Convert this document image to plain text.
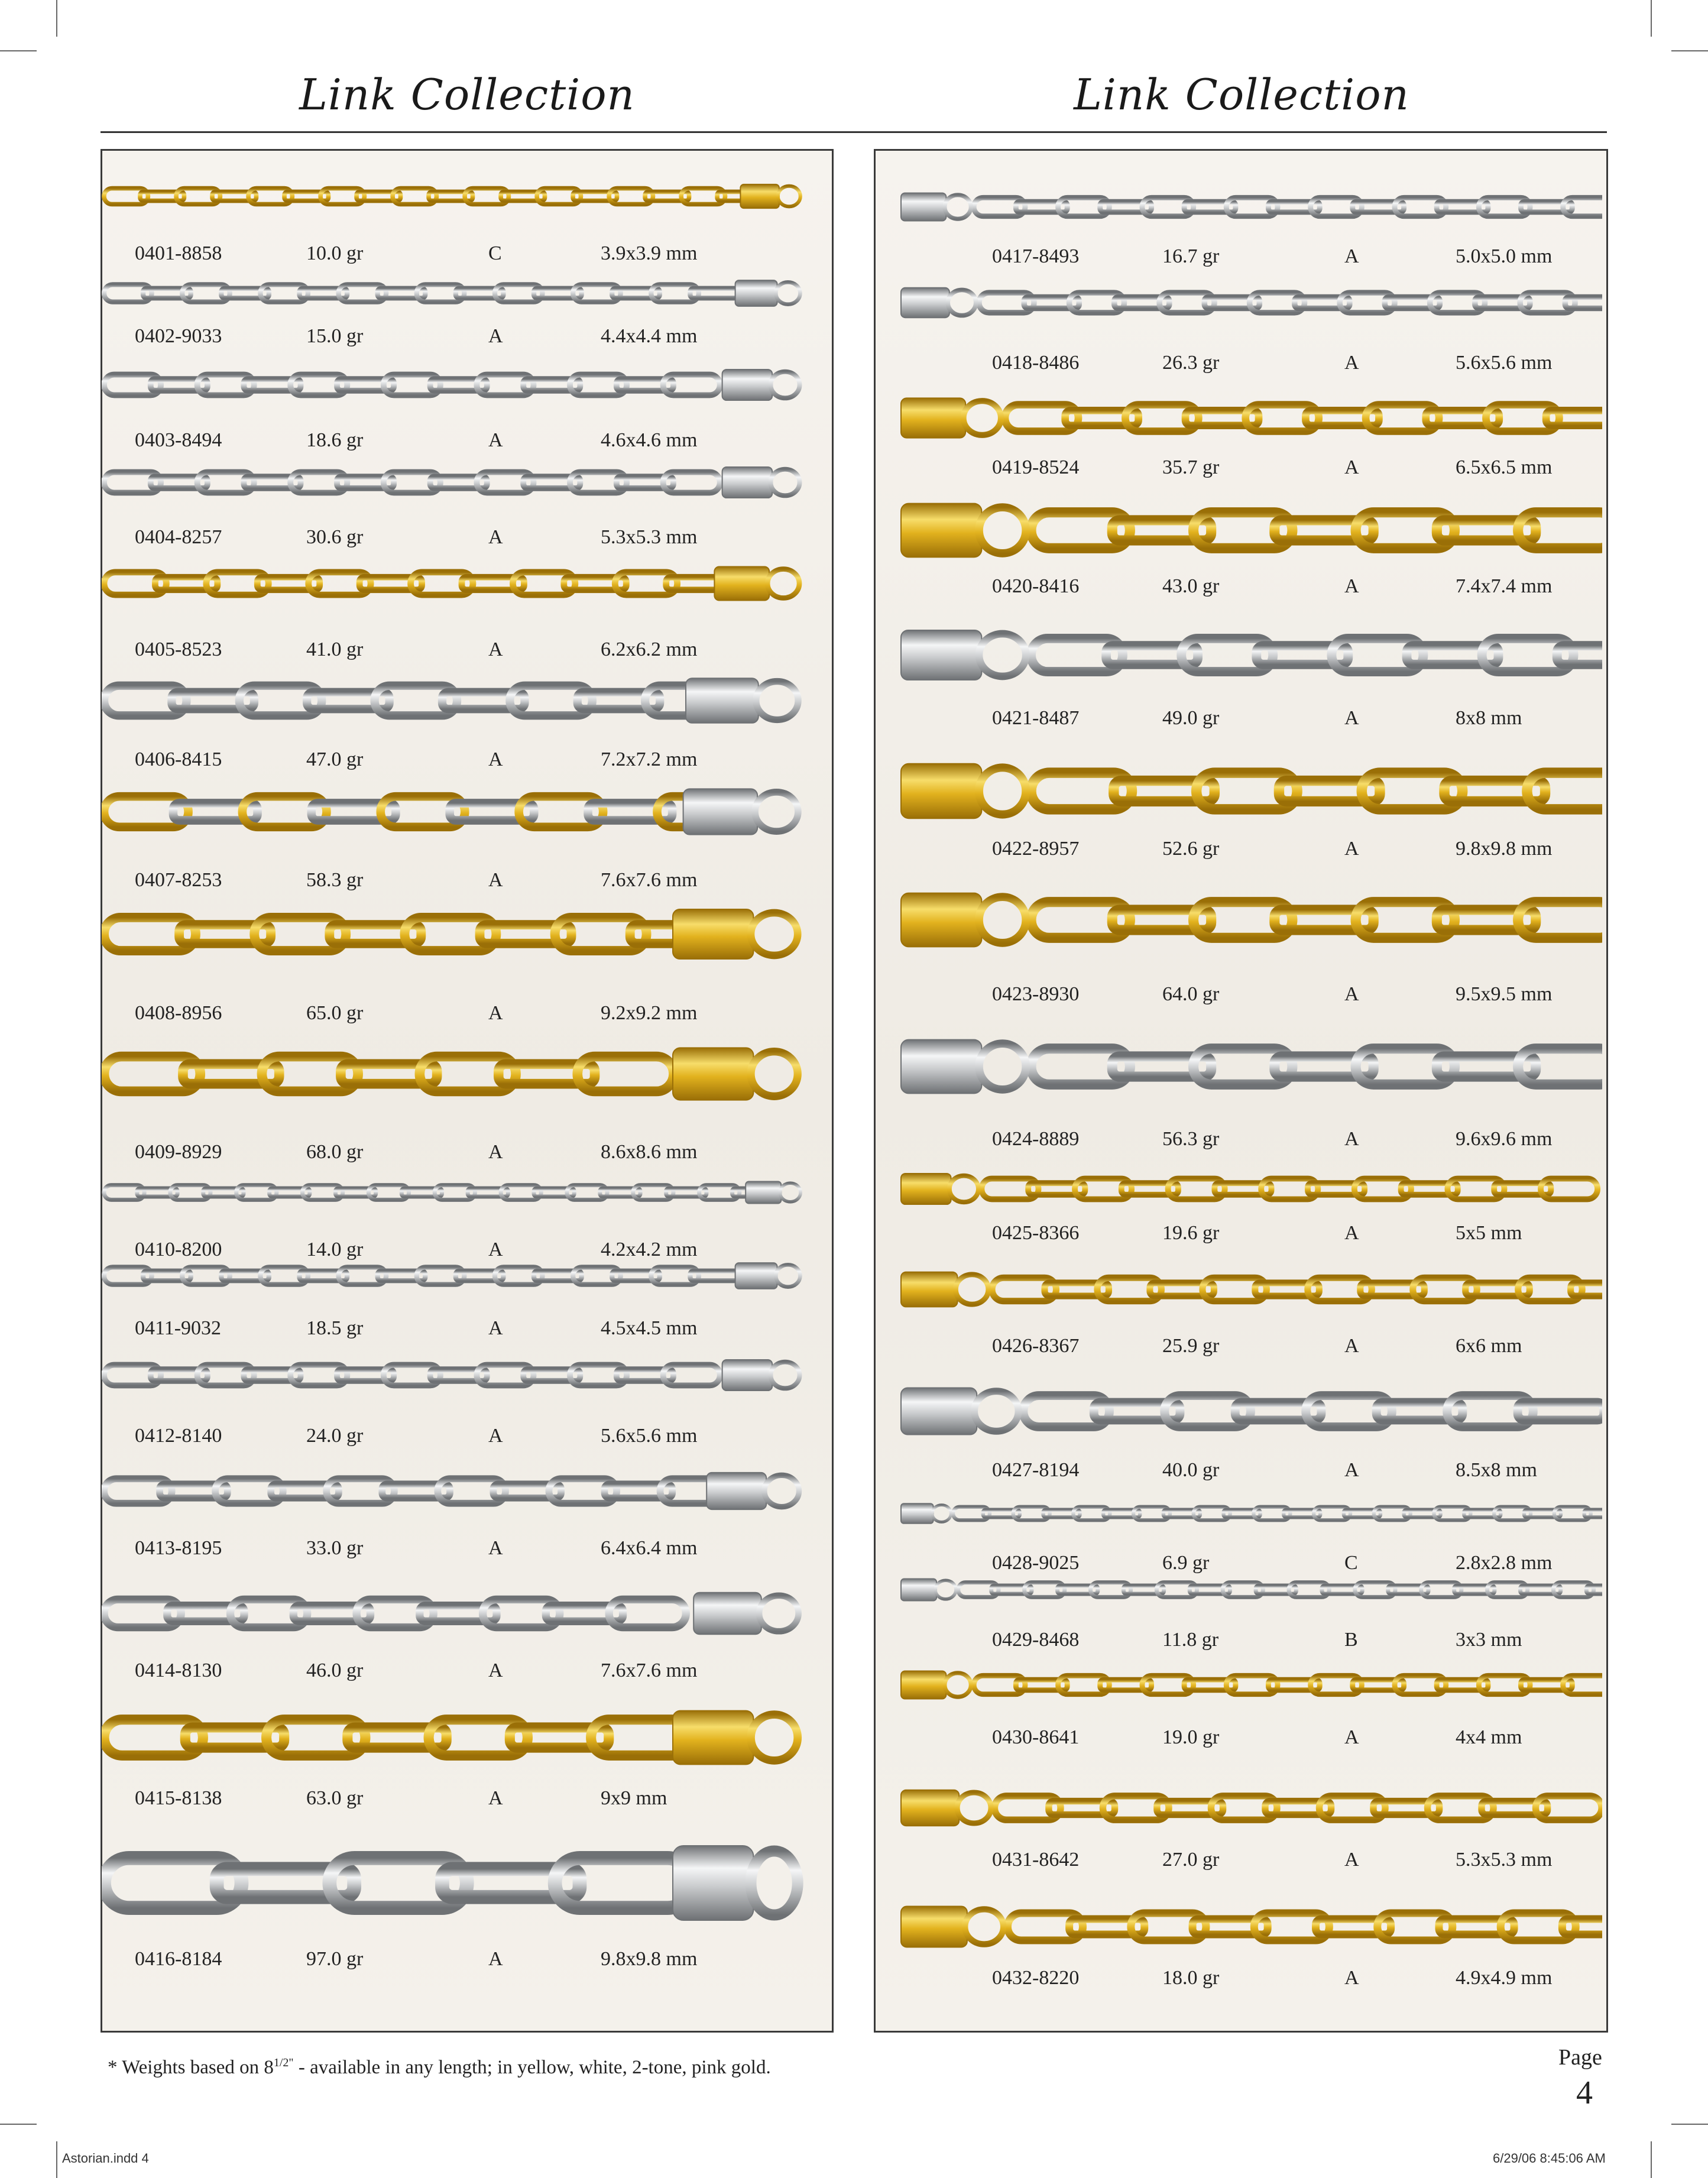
Link Collection	Link Collection
* Weights based on $8^{1/2"}$ - available in any length; in yellow, white, 2-tone, pink gold.	Page
4
Astorian.indd 4	6/29/06 8:45:06 AM
0401-8858	10.0 gr	C	3.9x3.9 mm
0402-9033	15.0 gr	A	4.4x4.4 mm
0403-8494	18.6 gr	A	4.6x4.6 mm
0404-8257	30.6 gr	A	5.3x5.3 mm
0405-8523	41.0 gr	A	6.2x6.2 mm
0406-8415	47.0 gr	A	7.2x7.2 mm
0407-8253	58.3 gr	A	7.6x7.6 mm
0408-8956	65.0 gr	A	9.2x9.2 mm
0409-8929	68.0 gr	A	8.6x8.6 mm
0410-8200	14.0 gr	A	4.2x4.2 mm
0411-9032	18.5 gr	A	4.5x4.5 mm
0412-8140	24.0 gr	A	5.6x5.6 mm
0413-8195	33.0 gr	A	6.4x6.4 mm
0414-8130	46.0 gr	A	7.6x7.6 mm
0415-8138	63.0 gr	A	9x9 mm
0416-8184	97.0 gr	A	9.8x9.8 mm
0417-8493	16.7 gr	A	5.0x5.0 mm
0418-8486	26.3 gr	A	5.6x5.6 mm
0419-8524	35.7 gr	A	6.5x6.5 mm
0420-8416	43.0 gr	A	7.4x7.4 mm
0421-8487	49.0 gr	A	8x8 mm
0422-8957	52.6 gr	A	9.8x9.8 mm
0423-8930	64.0 gr	A	9.5x9.5 mm
0424-8889	56.3 gr	A	9.6x9.6 mm
0425-8366	19.6 gr	A	5x5 mm
0426-8367	25.9 gr	A	6x6 mm
0427-8194	40.0 gr	A	8.5x8 mm
0428-9025	6.9 gr	C	2.8x2.8 mm
0429-8468	11.8 gr	B	3x3 mm
0430-8641	19.0 gr	A	4x4 mm
0431-8642	27.0 gr	A	5.3x5.3 mm
0432-8220	18.0 gr	A	4.9x4.9 mm
